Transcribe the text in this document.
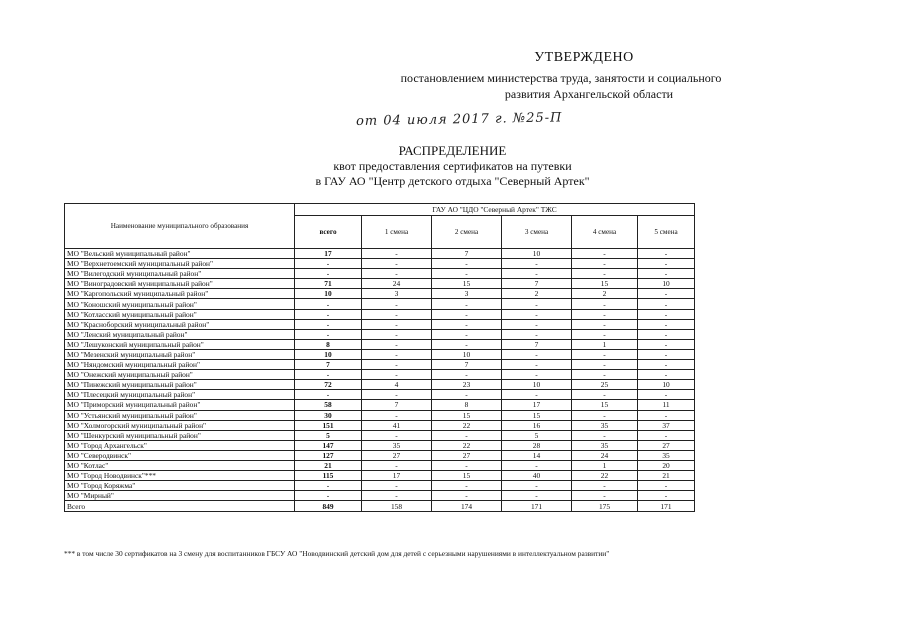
УТВЕРЖДЕНО
постановлением министерства труда, занятости и социального
развития Архангельской области
от 04 июля 2017 г. №25-П
РАСПРЕДЕЛЕНИЕ
квот предоставления сертификатов на путевки
в ГАУ АО "Центр детского отдыха "Северный Артек"
Наименование муниципального образования	ГАУ АО "ЦДО "Северный Артек" ТЖС					
	всего	1 смена	2 смена	3 смена	4 смена	5 смена
МО "Вельский муниципальный район"	17	-	7	10	-	-
МО "Верхнетоемский муниципальный район"	-	-	-	-	-	-
МО "Вилегодский муниципальный район"	-	-	-	-	-	-
МО "Виноградовский муниципальный район"	71	24	15	7	15	10
МО "Каргопольский муниципальный район"	10	3	3	2	2	-
МО "Коношский муниципальный район"	-	-	-	-	-	-
МО "Котласский муниципальный район"	-	-	-	-	-	-
МО "Красноборский муниципальный район"	-	-	-	-	-	-
МО "Ленский муниципальный район"	-	-	-	-	-	-
МО "Лешуконский муниципальный район"	8	-	-	7	1	-
МО "Мезенский муниципальный район"	10	-	10	-	-	-
МО "Няндомский муниципальный район"	7	-	7	-	-	-
МО "Онежский муниципальный район"	-	-	-	-	-	-
МО "Пинежский муниципальный район"	72	4	23	10	25	10
МО "Плесецкий муниципальный район"	-	-	-	-	-	-
МО "Приморский муниципальный район"	58	7	8	17	15	11
МО "Устьянский муниципальный район"	30	-	15	15	-	-
МО "Холмогорский муниципальный район"	151	41	22	16	35	37
МО "Шенкурский муниципальный район"	5	-	-	5	-	-
МО "Город Архангельск"	147	35	22	28	35	27
МО "Северодвинск"	127	27	27	14	24	35
МО "Котлас"	21	-	-	-	1	20
МО "Город Новодвинск"***	115	17	15	40	22	21
МО "Город Коряжма"	-	-	-	-	-	-
МО "Мирный"	-	-	-	-	-	-
Всего	849	158	174	171	175	171
*** в том числе 30 сертификатов на 3 смену для воспитанников ГБСУ АО "Новодвинский детский дом для детей с серьезными нарушениями в интеллектуальном развитии"
